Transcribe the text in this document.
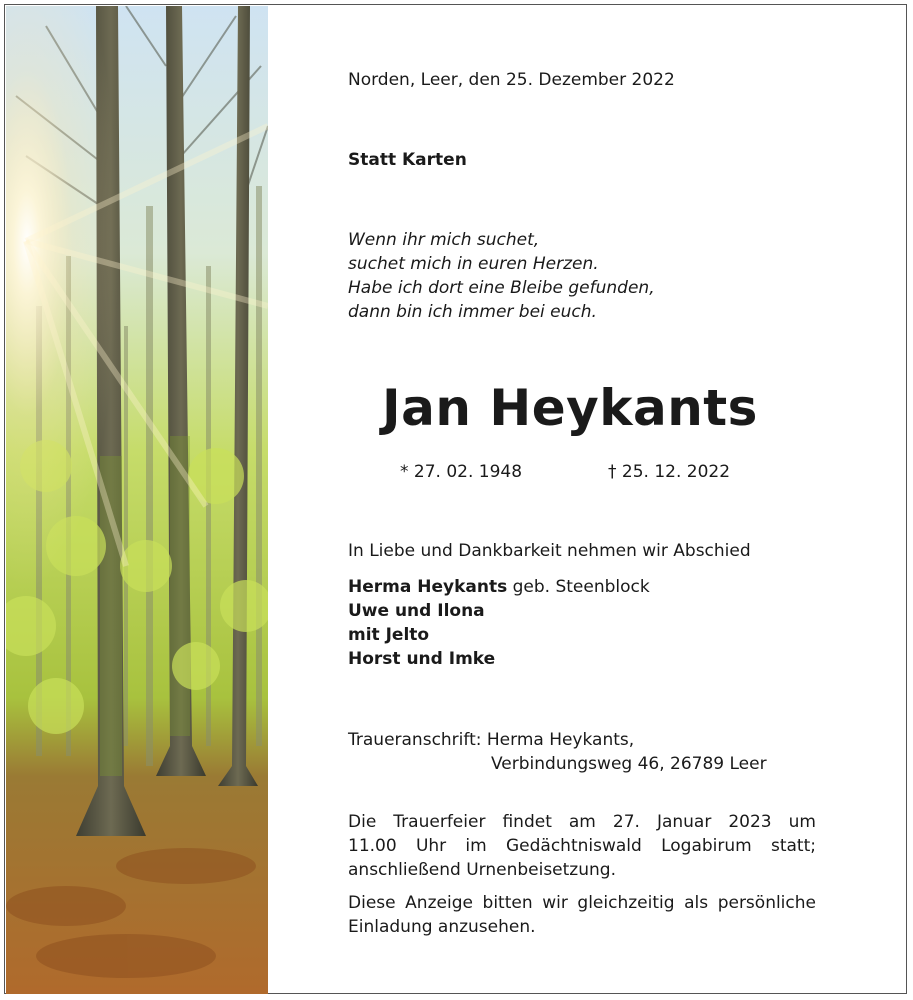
Norden, Leer, den 25. Dezember 2022
Statt Karten
Wenn ihr mich suchet,
suchet mich in euren Herzen.
Habe ich dort eine Bleibe gefunden,
dann bin ich immer bei euch.
Jan Heykants
* 27. 02. 1948	† 25. 12. 2022
In Liebe und Dankbarkeit nehmen wir Abschied
Herma Heykants geb. Steenblock
Uwe und Ilona
mit Jelto
Horst und Imke
Traueranschrift: Herma Heykants,
Verbindungsweg 46, 26789 Leer
Die Trauerfeier findet am 27. Januar 2023 um
11.00 Uhr im Gedächtniswald Logabirum statt;
anschließend Urnenbeisetzung.
Diese Anzeige bitten wir gleichzeitig als persönliche
Einladung anzusehen.
